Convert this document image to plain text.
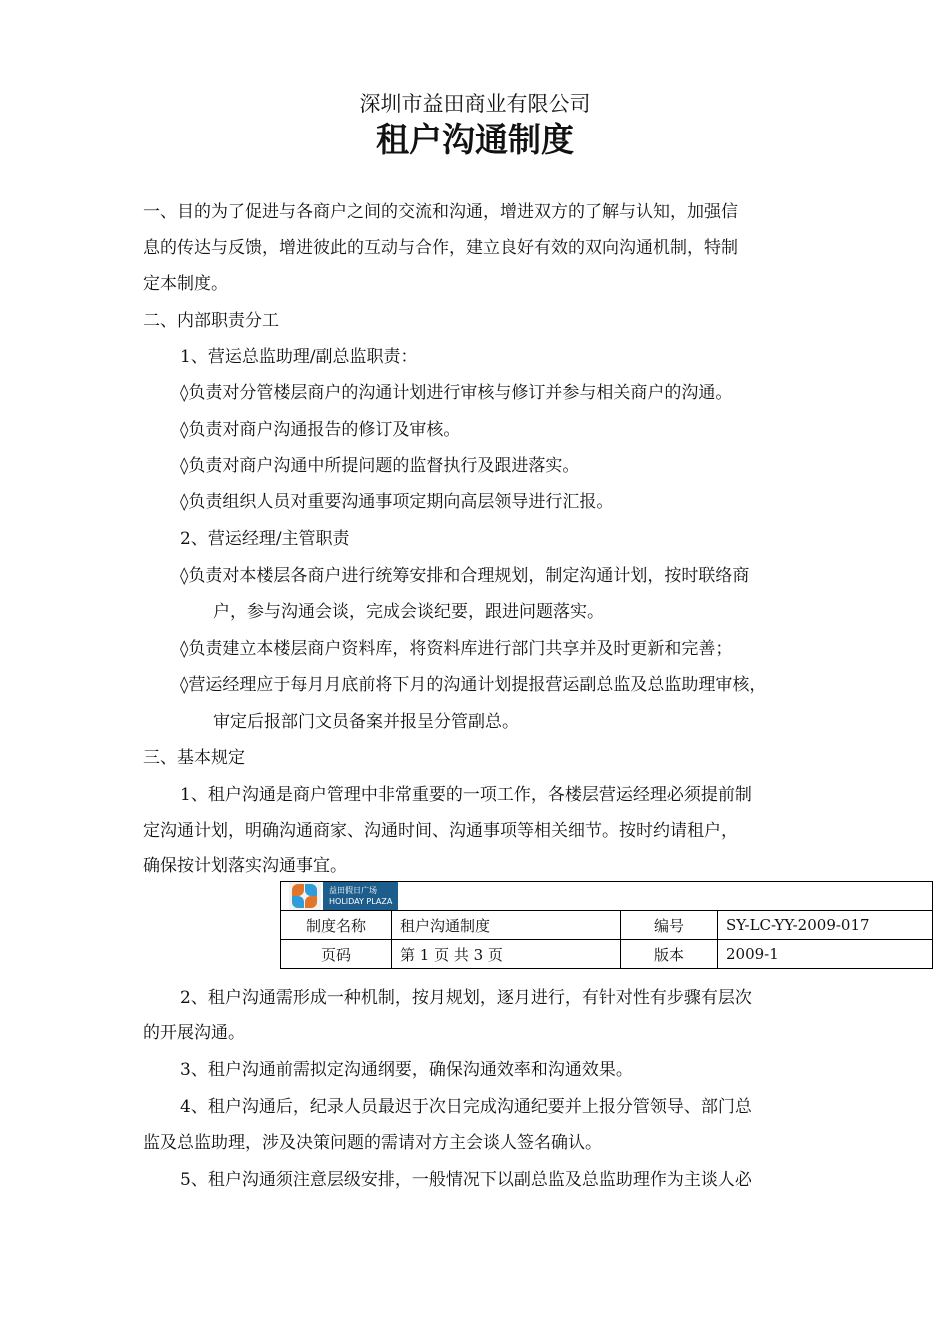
深圳市益田商业有限公司
租户沟通制度
一、目的为了促进与各商户之间的交流和沟通，增进双方的了解与认知，加强信
息的传达与反馈，增进彼此的互动与合作，建立良好有效的双向沟通机制，特制
定本制度。
二、内部职责分工
1、营运总监助理/副总监职责：
◊负责对分管楼层商户的沟通计划进行审核与修订并参与相关商户的沟通。
◊负责对商户沟通报告的修订及审核。
◊负责对商户沟通中所提问题的监督执行及跟进落实。
◊负责组织人员对重要沟通事项定期向高层领导进行汇报。
2、营运经理/主管职责
◊负责对本楼层各商户进行统筹安排和合理规划，制定沟通计划，按时联络商
户，参与沟通会谈，完成会谈纪要，跟进问题落实。
◊负责建立本楼层商户资料库，将资料库进行部门共享并及时更新和完善；
◊营运经理应于每月月底前将下月的沟通计划提报营运副总监及总监助理审核，
审定后报部门文员备案并报呈分管副总。
三、基本规定
1、租户沟通是商户管理中非常重要的一项工作，各楼层营运经理必须提前制
定沟通计划，明确沟通商家、沟通时间、沟通事项等相关细节。按时约请租户，
确保按计划落实沟通事宜。
益田假日广场
HOLIDAY PLAZA			
制度名称	租户沟通制度	编号	SY-LC-YY-2009-017
页码	第 1 页 共 3 页	版本	2009-1
2、租户沟通需形成一种机制，按月规划，逐月进行，有针对性有步骤有层次
的开展沟通。
3、租户沟通前需拟定沟通纲要，确保沟通效率和沟通效果。
4、租户沟通后，纪录人员最迟于次日完成沟通纪要并上报分管领导、部门总
监及总监助理，涉及决策问题的需请对方主会谈人签名确认。
5、租户沟通须注意层级安排，一般情况下以副总监及总监助理作为主谈人必
